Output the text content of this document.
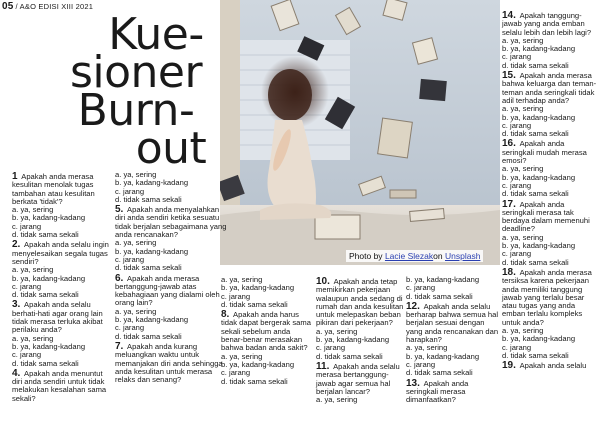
05 / A&O EDISI XIII 2021
Kue-
sioner
Burn-
out
Photo by Lacie Slezakon Unsplash
1 Apakah anda merasa kesulitan menolak tugas tambahan atau kesulitan berkata 'tidak'?
a. ya, sering
b. ya, kadang-kadang
c. jarang
d. tidak sama sekali
2. Apakah anda selalu ingin menyelesaikan segala tugas sendiri?
a. ya, sering
b. ya, kadang-kadang
c. jarang
d. tidak sama sekali
3. Apakah anda selalu berhati-hati agar orang lain tidak merasa terluka akibat perilaku anda?
a. ya, sering
b. ya, kadang-kadang
c. jarang
d. tidak sama sekali
4. Apakah anda menuntut diri anda sendiri untuk tidak melakukan kesalahan sama sekali?
a. ya, sering
b. ya, kadang-kadang
c. jarang
d. tidak sama sekali
5. Apakah anda menyalahkan diri anda sendiri ketika sesuatu tidak berjalan sebagaimana yang anda rencanakan?
a. ya, sering
b. ya, kadang-kadang
c. jarang
d. tidak sama sekali
6. Apakah anda merasa bertanggung-jawab atas kebahagiaan yang dialami oleh orang lain?
a. ya, sering
b. ya, kadang-kadang
c. jarang
d. tidak sama sekali
7. Apakah anda kurang meluangkan waktu untuk memanjakan diri anda sehingga anda kesulitan untuk merasa relaks dan senang?
a. ya, sering
b. ya, kadang-kadang
c. jarang
d. tidak sama sekali
8. Apakah anda harus tidak dapat bergerak sama sekali sebelum anda benar-benar merasakan bahwa badan anda sakit?
a. ya, sering
b. ya, kadang-kadang
c. jarang
d. tidak sama sekali
10. Apakah anda tetap memikirkan pekerjaan walaupun anda sedang di rumah dan anda kesulitan untuk melepaskan beban pikiran dari pekerjaan?
a. ya, sering
b. ya, kadang-kadang
c. jarang
d. tidak sama sekali
11. Apakah anda selalu merasa bertanggung-jawab agar semua hal berjalan lancar?
a. ya, sering
b. ya, kadang-kadang
c. jarang
d. tidak sama sekali
12. Apakah anda selalu berharap bahwa semua hal berjalan sesuai dengan yang anda rencanakan dan harapkan?
a. ya, sering
b. ya, kadang-kadang
c. jarang
d. tidak sama sekali
13. Apakah anda seringkali merasa dimanfaatkan?
14. Apakah tanggung-jawab yang anda emban selalu lebih dan lebih lagi?
a. ya, sering
b. ya, kadang-kadang
c. jarang
d. tidak sama sekali
15. Apakah anda merasa bahwa keluarga dan teman-teman anda seringkali tidak adil terhadap anda?
a. ya, sering
b. ya, kadang-kadang
c. jarang
d. tidak sama sekali
16. Apakah anda seringkali mudah merasa emosi?
a. ya, sering
b. ya, kadang-kadang
c. jarang
d. tidak sama sekali
17. Apakah anda seringkali merasa tak berdaya dalam memenuhi deadline?
a. ya, sering
b. ya, kadang-kadang
c. jarang
d. tidak sama sekali
18. Apakah anda merasa tersiksa karena pekerjaan anda memiliki tanggung jawab yang terlalu besar atau tugas yang anda emban terlalu kompleks untuk anda?
a. ya, sering
b. ya, kadang-kadang
c. jarang
d. tidak sama sekali
19. Apakah anda selalu
